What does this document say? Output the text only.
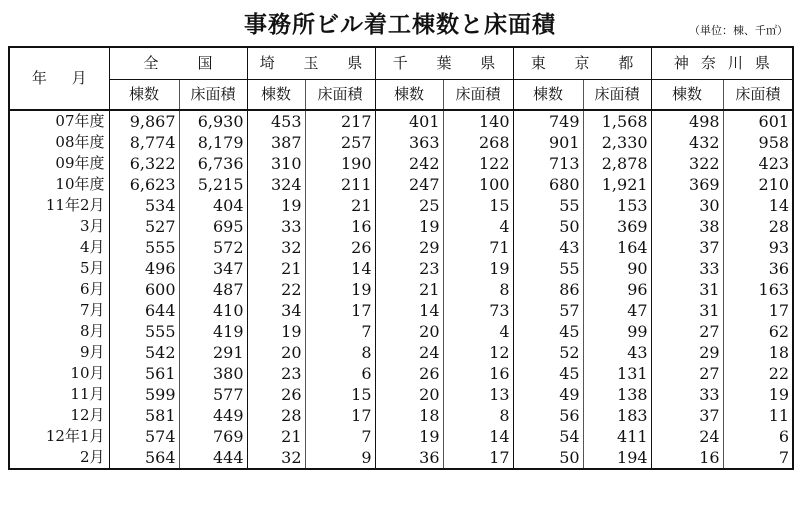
事務所ビル着工棟数と床面積	（単位：棟、千㎡）
年 月	全　国		埼 玉 県		千 葉 県		東 京 都		神奈川県	
	棟数	床面積	棟数	床面積	棟数	床面積	棟数	床面積	棟数	床面積
07年度	9,867	6,930	453	217	401	140	749	1,568	498	601
08年度	8,774	8,179	387	257	363	268	901	2,330	432	958
09年度	6,322	6,736	310	190	242	122	713	2,878	322	423
10年度	6,623	5,215	324	211	247	100	680	1,921	369	210
11年2月	534	404	19	21	25	15	55	153	30	14
3月	527	695	33	16	19	4	50	369	38	28
4月	555	572	32	26	29	71	43	164	37	93
5月	496	347	21	14	23	19	55	90	33	36
6月	600	487	22	19	21	8	86	96	31	163
7月	644	410	34	17	14	73	57	47	31	17
8月	555	419	19	7	20	4	45	99	27	62
9月	542	291	20	8	24	12	52	43	29	18
10月	561	380	23	6	26	16	45	131	27	22
11月	599	577	26	15	20	13	49	138	33	19
12月	581	449	28	17	18	8	56	183	37	11
12年1月	574	769	21	7	19	14	54	411	24	6
2月	564	444	32	9	36	17	50	194	16	7
